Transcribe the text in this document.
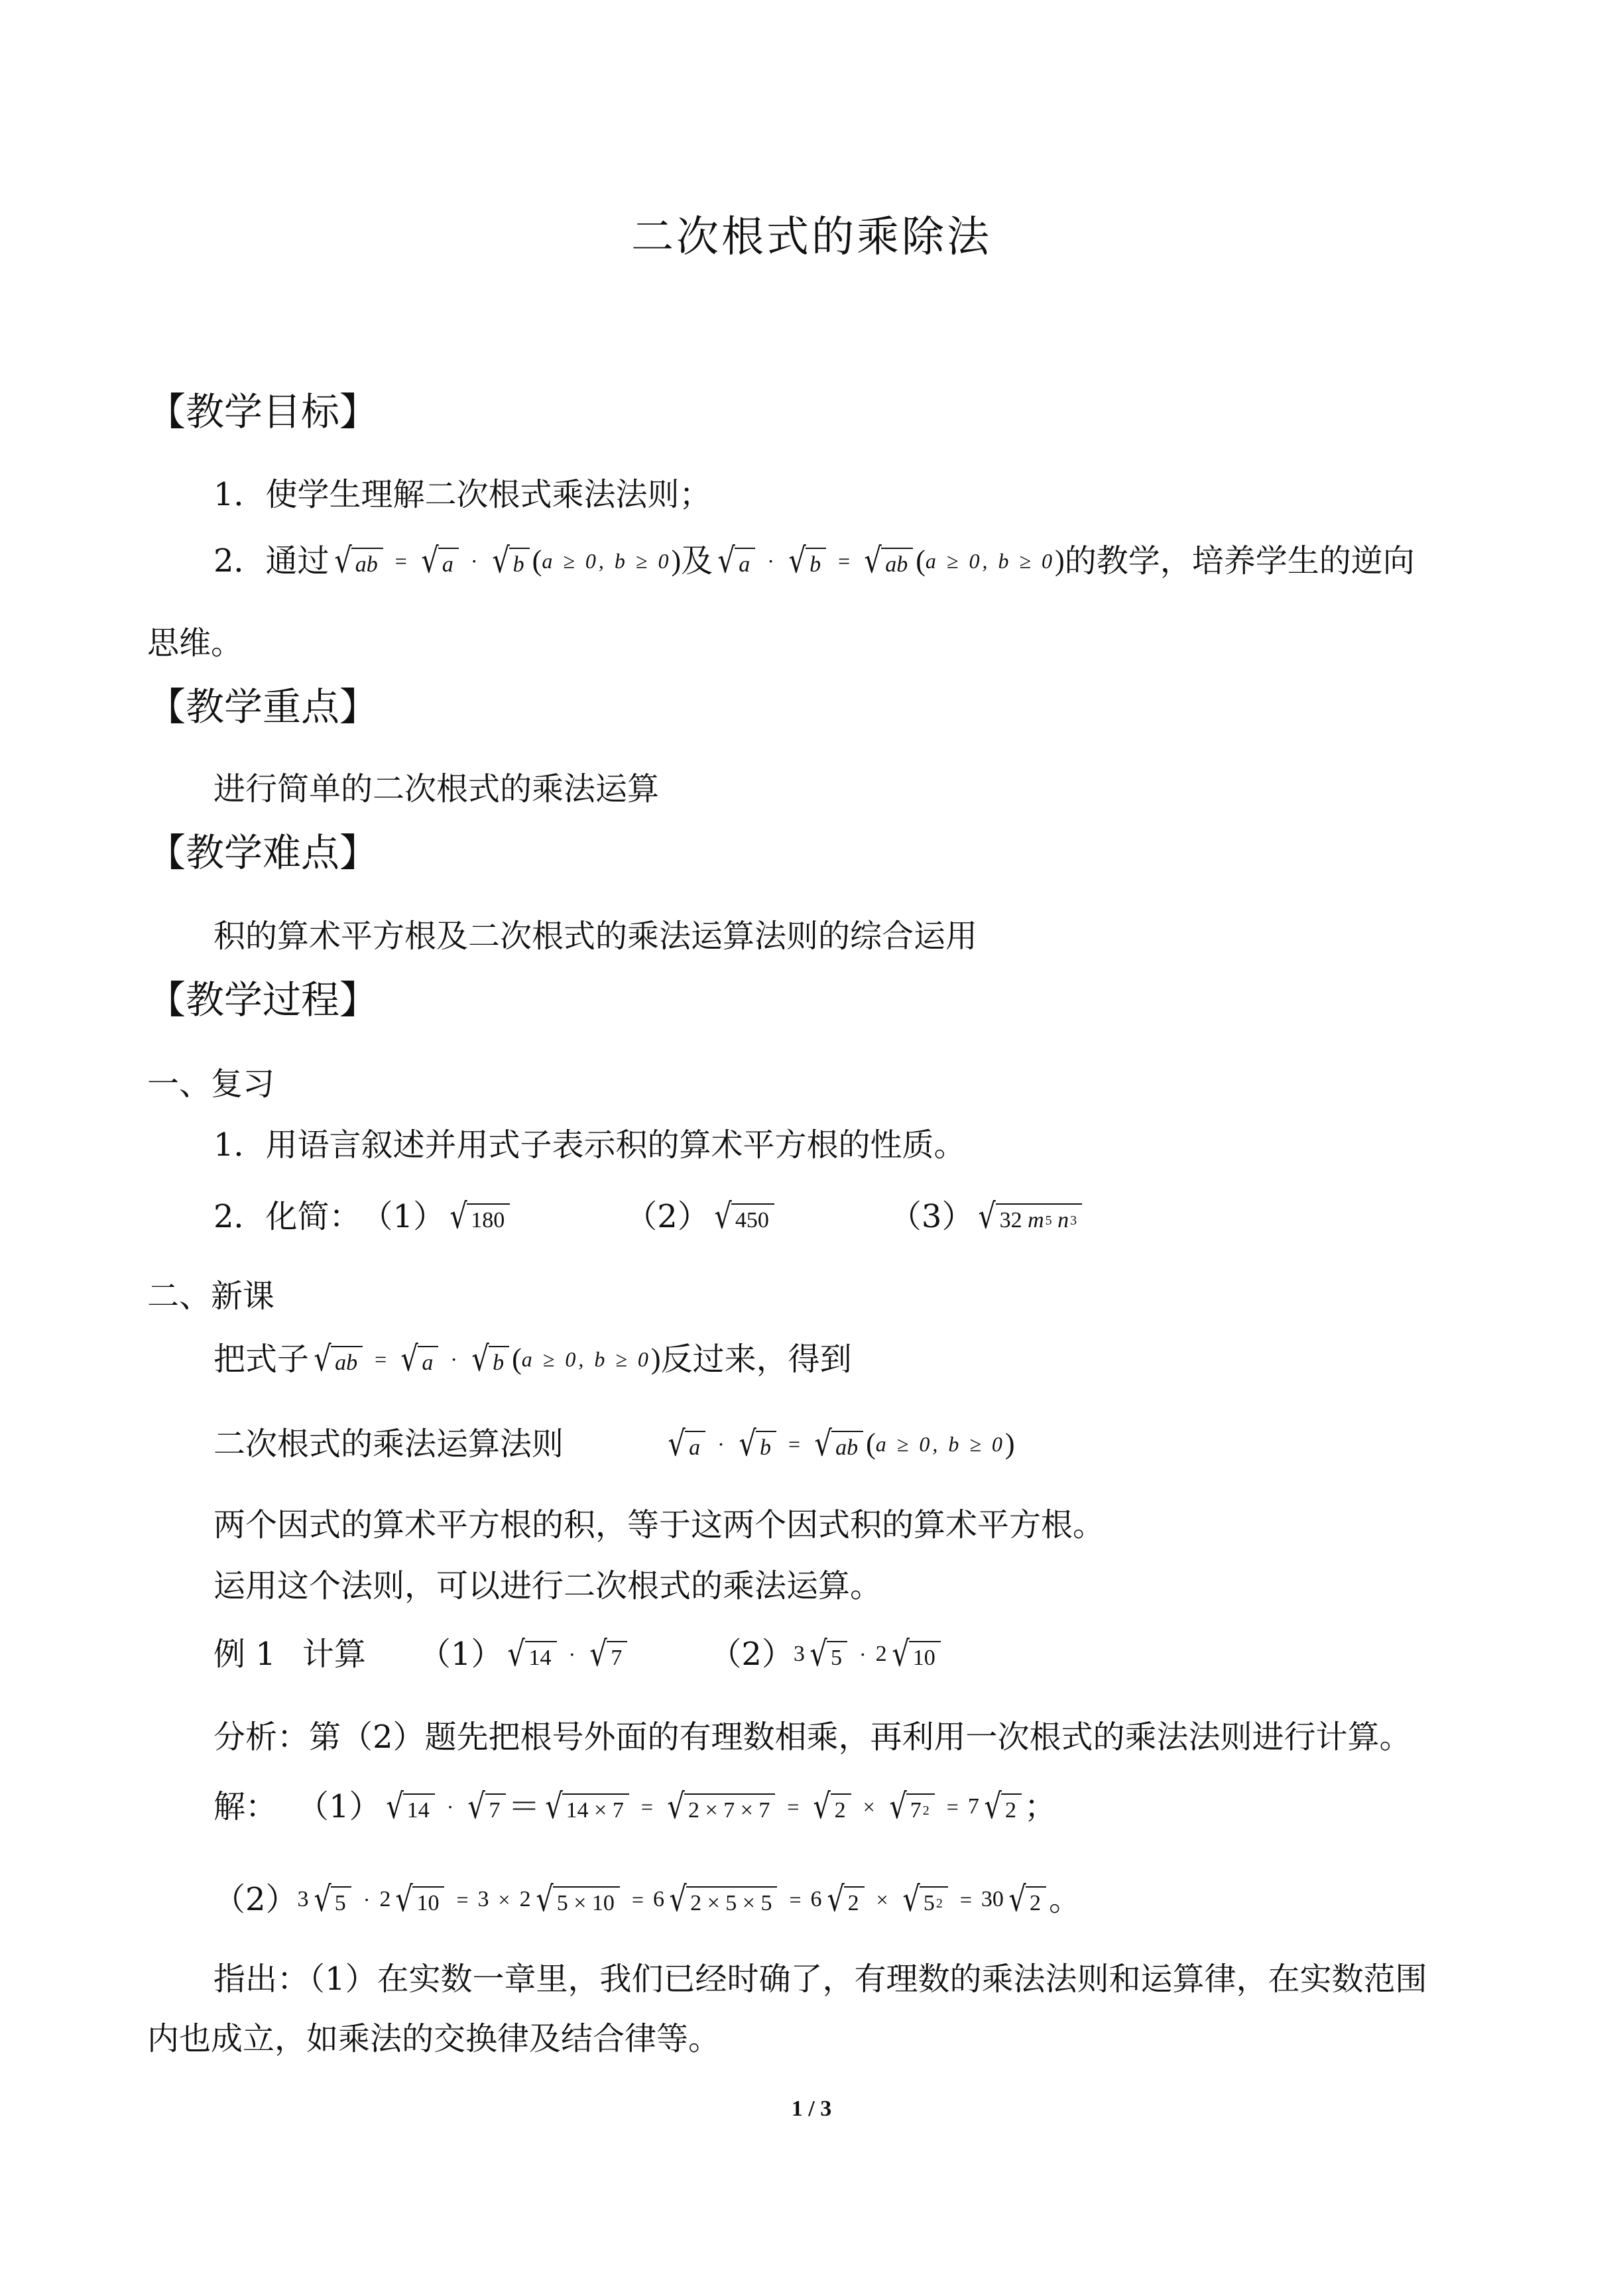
二次根式的乘除法
【教学目标】
1．使学生理解二次根式乘法法则；
2．通过 √ ab = √ a · √ b ( a ≥ 0, b ≥ 0 ) 及 √ a · √ b = √ ab ( a ≥ 0, b ≥ 0 ) 的教学，培养学生的逆向
思维。
【教学重点】
进行简单的二次根式的乘法运算
【教学难点】
积的算术平方根及二次根式的乘法运算法则的综合运用
【教学过程】
一、复习
1．用语言叙述并用式子表示积的算术平方根的性质。
2．化简： （1） √ 180	（2） √ 450	（3） √ 32
m 5
n 3
二、新课
把式子 √ ab = √ a · √ b ( a ≥ 0, b ≥ 0 ) 反过来，得到
二次根式的乘法运算法则	√ a · √ b = √ ab ( a ≥ 0, b ≥ 0 )
两个因式的算术平方根的积，等于这两个因式积的算术平方根。
运用这个法则，可以进行二次根式的乘法运算。
例 1 计算 （1） √ 14 · √ 7	（2） 3 √ 5 · 2 √ 10
分析：第（2）题先把根号外面的有理数相乘，再利用一次根式的乘法法则进行计算。
解： （1） √ 14 · √ 7 ＝ √ 14 × 7 = √ 2 × 7 × 7 = √ 2 × √ 7 2 = 7 √ 2 ；
（2） 3 √ 5 · 2 √ 10 = 3 × 2 √ 5 × 10 = 6 √ 2 × 5 × 5 = 6 √ 2 × √ 5 2 = 30 √ 2 。
指出：（1）在实数一章里，我们已经时确了，有理数的乘法法则和运算律，在实数范围
内也成立，如乘法的交换律及结合律等。
1 / 3
